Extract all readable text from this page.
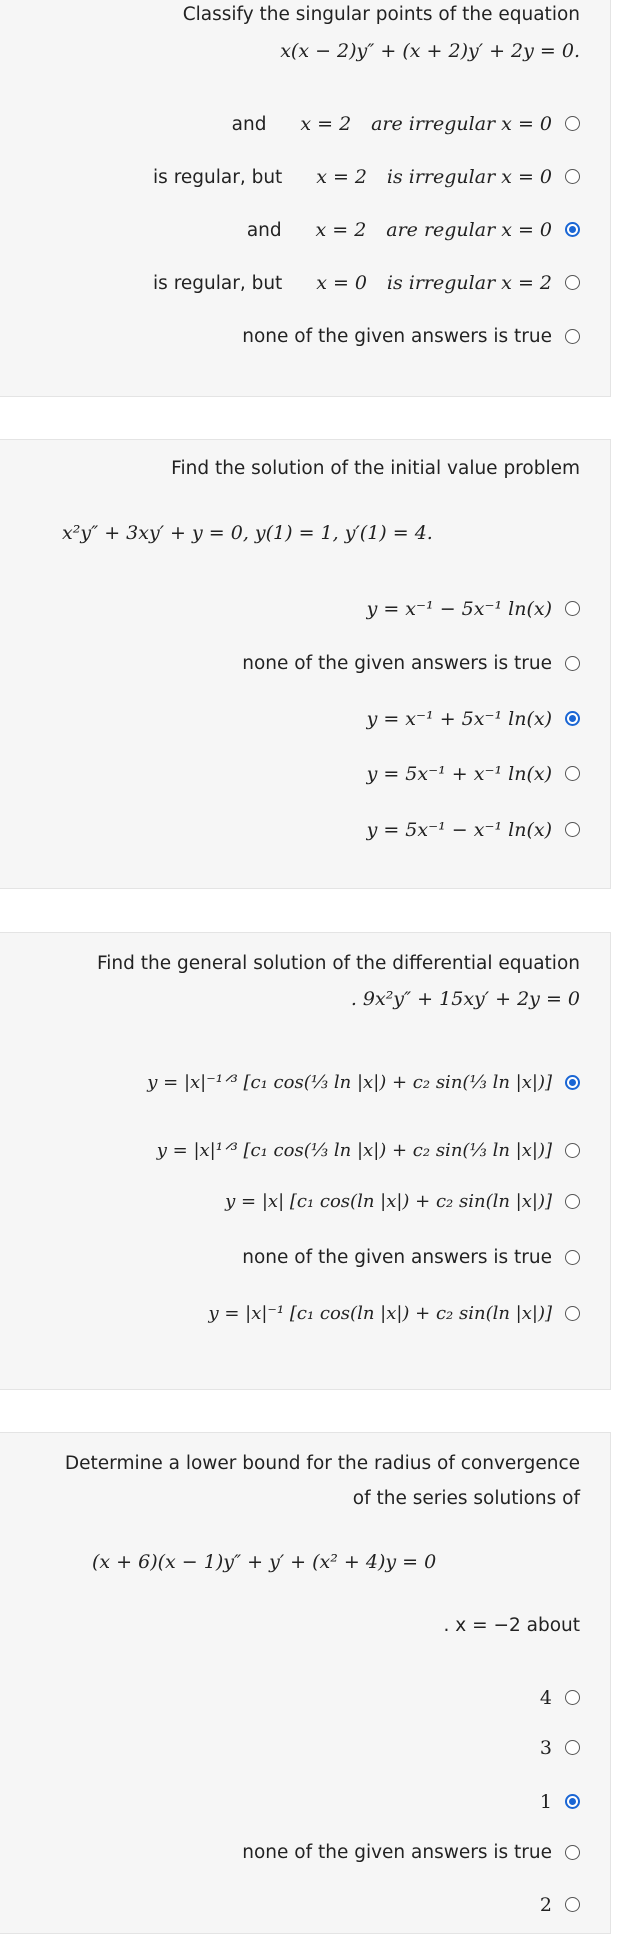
Classify the singular points of the equation
x(x − 2)y″ + (x + 2)y′ + 2y = 0.
and x = 2 are irregular x = 0
is regular, but x = 2 is irregular x = 0
and x = 2 are regular x = 0
is regular, but x = 0 is irregular x = 2
none of the given answers is true
Find the solution of the initial value problem
x²y″ + 3xy′ + y = 0, y(1) = 1, y′(1) = 4.
y = x⁻¹ − 5x⁻¹ ln(x)
none of the given answers is true
y = x⁻¹ + 5x⁻¹ ln(x)
y = 5x⁻¹ + x⁻¹ ln(x)
y = 5x⁻¹ − x⁻¹ ln(x)
Find the general solution of the differential equation
. 9x²y″ + 15xy′ + 2y = 0
y = |x|⁻¹ᐟ³ [c₁ cos(⅓ ln |x|) + c₂ sin(⅓ ln |x|)]
y = |x|¹ᐟ³ [c₁ cos(⅓ ln |x|) + c₂ sin(⅓ ln |x|)]
y = |x| [c₁ cos(ln |x|) + c₂ sin(ln |x|)]
none of the given answers is true
y = |x|⁻¹ [c₁ cos(ln |x|) + c₂ sin(ln |x|)]
Determine a lower bound for the radius of convergence
of the series solutions of
(x + 6)(x − 1)y″ + y′ + (x² + 4)y = 0
. x = −2 about
4
3
1
none of the given answers is true
2
